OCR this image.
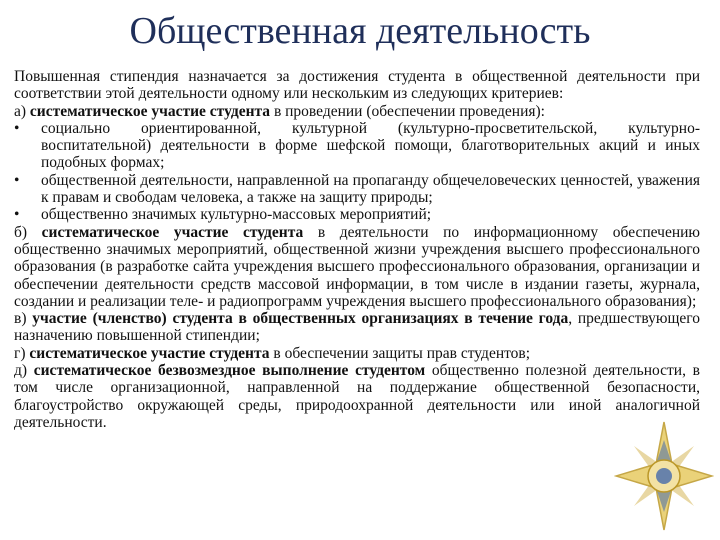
Общественная деятельность

Повышенная стипендия назначается за достижения студента в общественной деятельности при соответствии этой деятельности одному или нескольким из следующих критериев:

а) систематическое участие студента в проведении (обеспечении проведения):

• социально ориентированной, культурной (культурно-просветительской, культурно-воспитательной) деятельности в форме шефской помощи, благотворительных акций и иных подобных формах;

• общественной деятельности, направленной на пропаганду общечеловеческих ценностей, уважения к правам и свободам человека, а также на защиту природы;

• общественно значимых культурно-массовых мероприятий;

б) систематическое участие студента в деятельности по информационному обеспечению общественно значимых мероприятий, общественной жизни учреждения высшего профессионального образования (в разработке сайта учреждения высшего профессионального образования, организации и обеспечении деятельности средств массовой информации, в том числе в издании газеты, журнала, создании и реализации теле- и радиопрограмм учреждения высшего профессионального образования);

в) участие (членство) студента в общественных организациях в течение года, предшествующего назначению повышенной стипендии;

г) систематическое участие студента в обеспечении защиты прав студентов;

д) систематическое безвозмездное выполнение студентом общественно полезной деятельности, в том числе организационной, направленной на поддержание общественной безопасности, благоустройство окружающей среды, природоохранной деятельности или иной аналогичной деятельности.
